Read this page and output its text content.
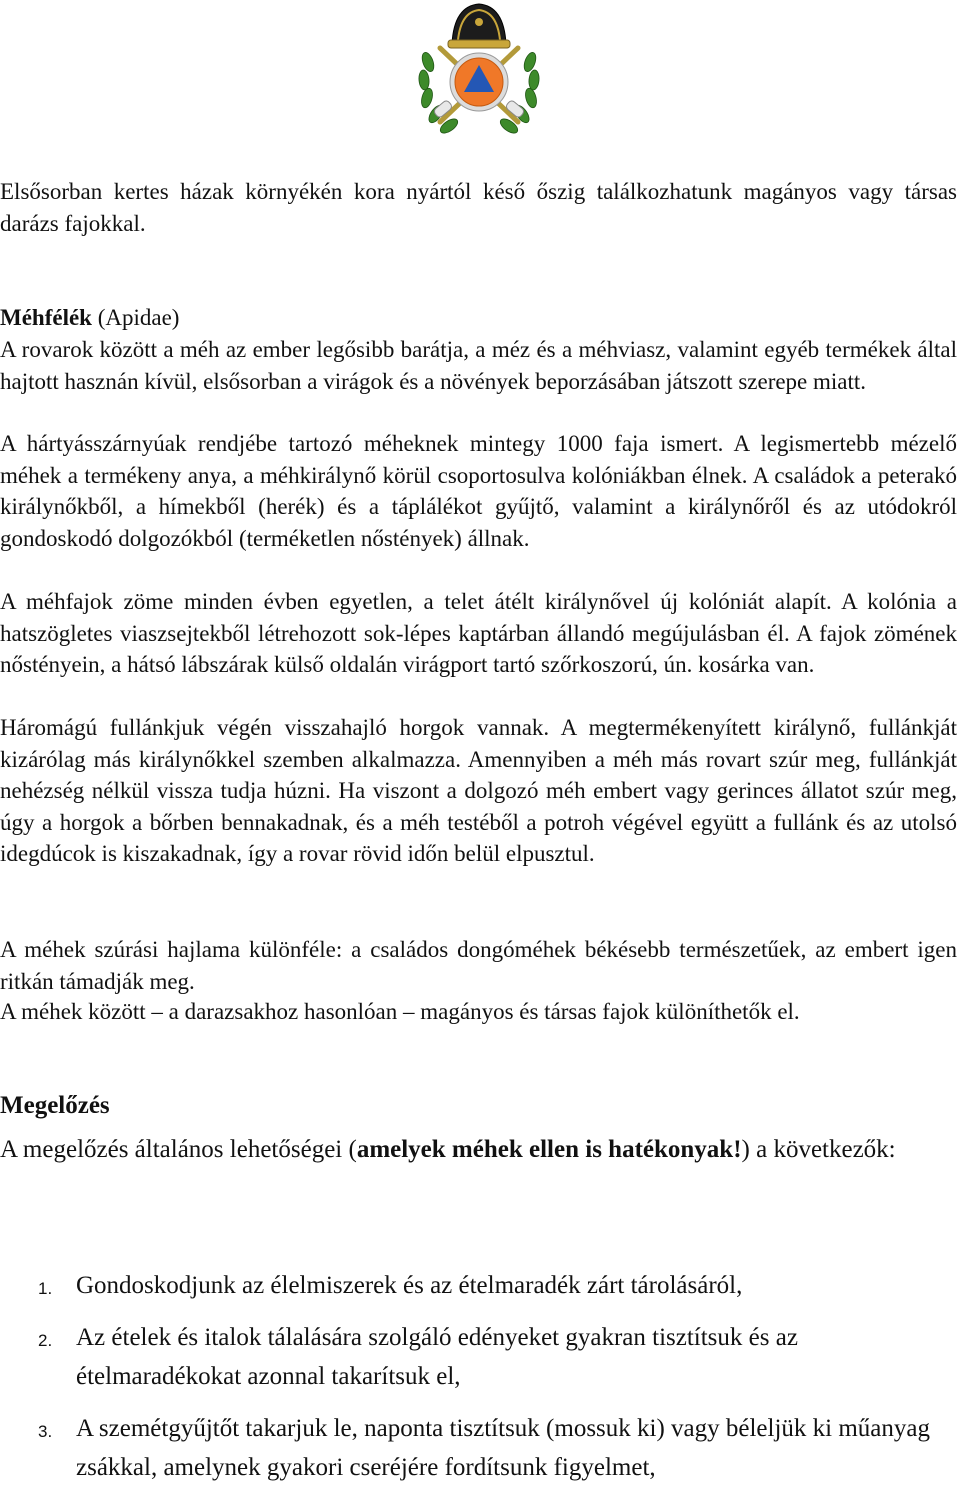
Elsősorban kertes házak környékén kora nyártól késő őszig találkozhatunk magányos vagy társas darázs fajokkal.

Méhfélék (Apidae)

A rovarok között a méh az ember legősibb barátja, a méz és a méhviasz, valamint egyéb termékek által hajtott hasznán kívül, elsősorban a virágok és a növények beporzásában játszott szerepe miatt.

A hártyásszárnyúak rendjébe tartozó méheknek mintegy 1000 faja ismert. A legismertebb mézelő méhek a termékeny anya, a méhkirálynő körül csoportosulva kolóniákban élnek. A családok a peterakó királynőkből, a hímekből (herék) és a táplálékot gyűjtő, valamint a királynőről és az utódokról gondoskodó dolgozókból (terméketlen nőstények) állnak.

A méhfajok zöme minden évben egyetlen, a telet átélt királynővel új kolóniát alapít. A kolónia a hatszögletes viaszsejtekből létrehozott sok-lépes kaptárban állandó megújulásban él. A fajok zömének nőstényein, a hátsó lábszárak külső oldalán virágport tartó szőrkoszorú, ún. kosárka van.

Háromágú fullánkjuk végén visszahajló horgok vannak. A megtermékenyített királynő, fullánkját kizárólag más királynőkkel szemben alkalmazza. Amennyiben a méh más rovart szúr meg, fullánkját nehézség nélkül vissza tudja húzni. Ha viszont a dolgozó méh embert vagy gerinces állatot szúr meg, úgy a horgok a bőrben bennakadnak, és a méh testéből a potroh végével együtt a fullánk és az utolsó idegdúcok is kiszakadnak, így a rovar rövid időn belül elpusztul.

A méhek szúrási hajlama különféle: a családos dongóméhek békésebb természetűek, az embert igen ritkán támadják meg.

A méhek között – a darazsakhoz hasonlóan – magányos és társas fajok különíthetők el.

Megelőzés

A megelőzés általános lehetőségei (amelyek méhek ellen is hatékonyak!) a következők:

1. Gondoskodjunk az élelmiszerek és az ételmaradék zárt tárolásáról,
2. Az ételek és italok tálalására szolgáló edényeket gyakran tisztítsuk és az ételmaradékokat azonnal takarítsuk el,
3. A szemétgyűjtőt takarjuk le, naponta tisztítsuk (mossuk ki) vagy béleljük ki műanyag zsákkal, amelynek gyakori cseréjére fordítsunk figyelmet,
